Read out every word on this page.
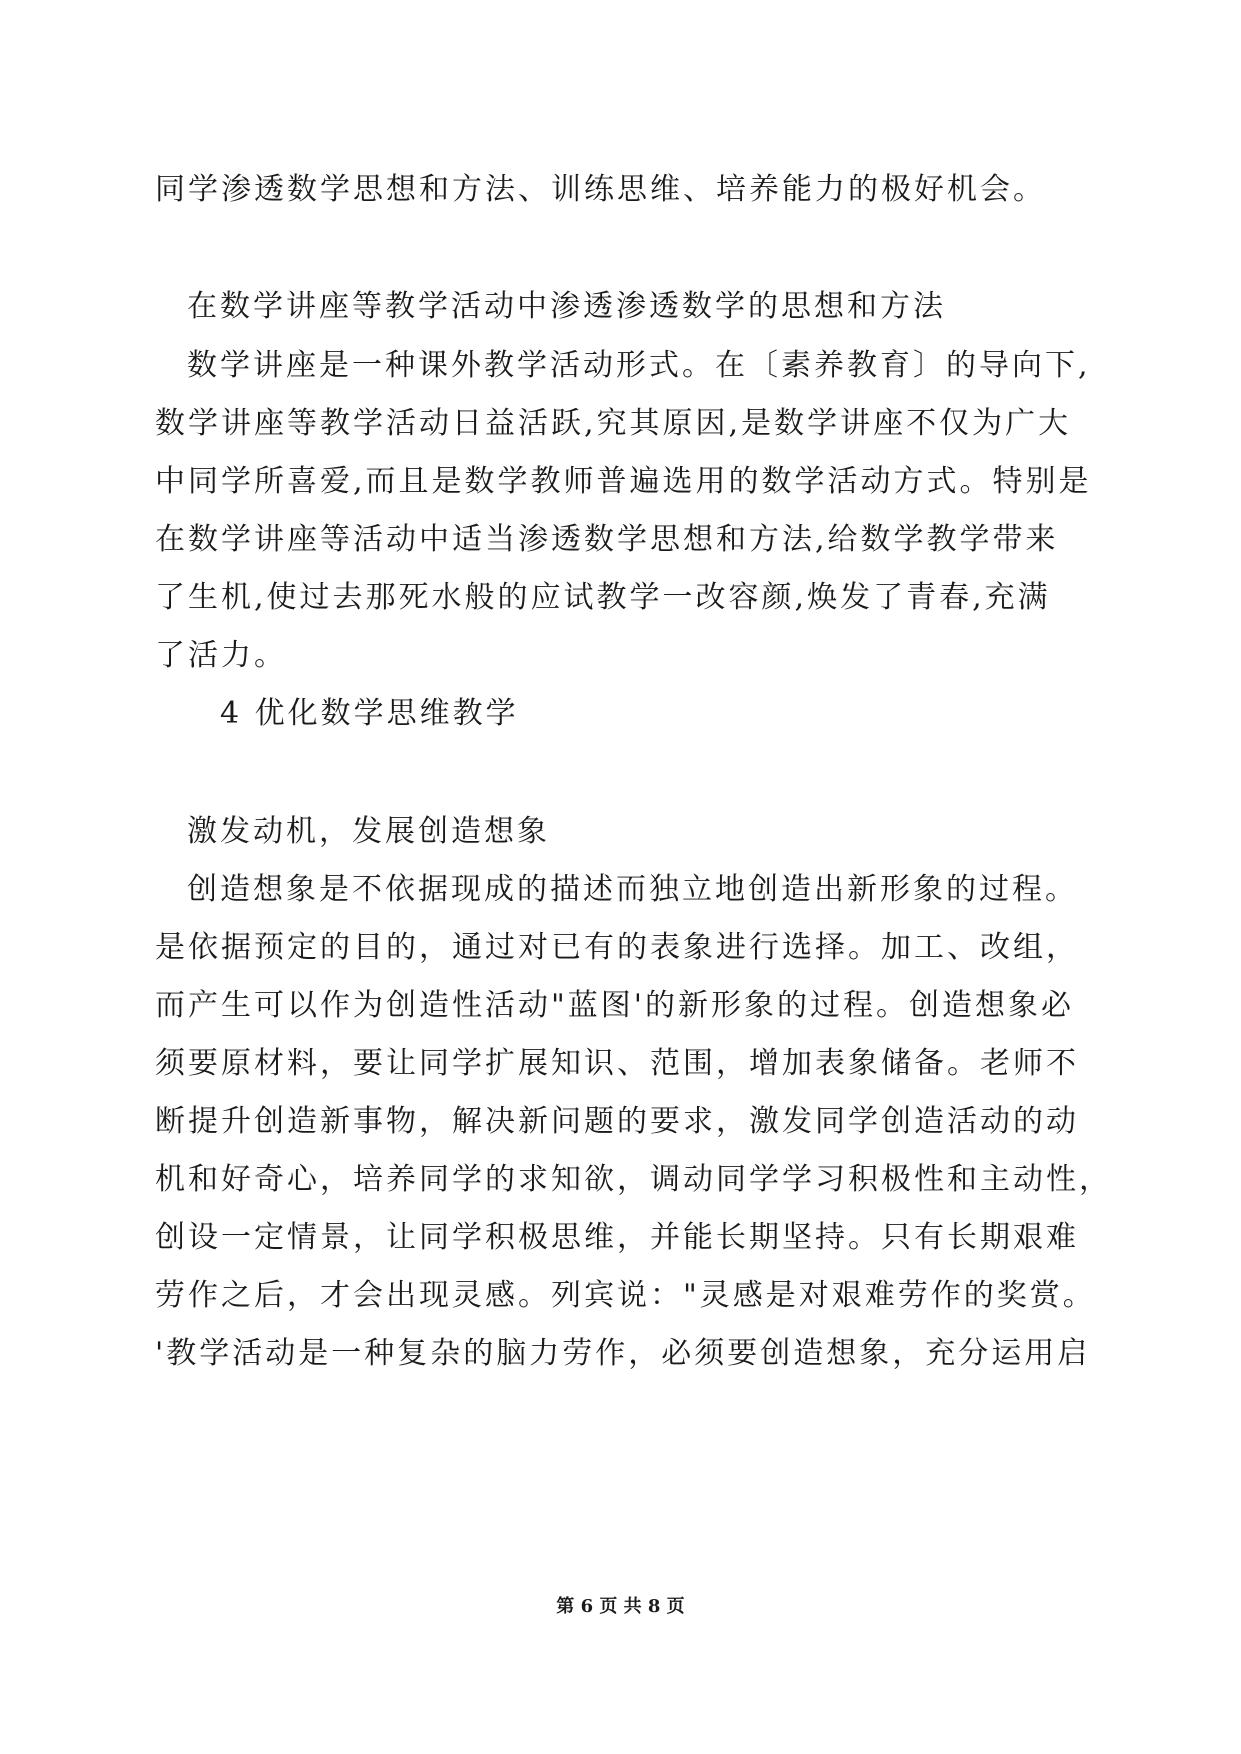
同学渗透数学思想和方法、训练思维、培养能力的极好机会。
在数学讲座等教学活动中渗透渗透数学的思想和方法
数学讲座是一种课外教学活动形式。在〔素养教育〕的导向下,
数学讲座等教学活动日益活跃,究其原因,是数学讲座不仅为广大
中同学所喜爱,而且是数学教师普遍选用的数学活动方式。特别是
在数学讲座等活动中适当渗透数学思想和方法,给数学教学带来
了生机,使过去那死水般的应试教学一改容颜,焕发了青春,充满
了活力。
4 优化数学思维教学
激发动机，发展创造想象
创造想象是不依据现成的描述而独立地创造出新形象的过程。
是依据预定的目的，通过对已有的表象进行选择。加工、改组，
而产生可以作为创造性活动"蓝图'的新形象的过程。创造想象必
须要原材料，要让同学扩展知识、范围，增加表象储备。老师不
断提升创造新事物，解决新问题的要求，激发同学创造活动的动
机和好奇心，培养同学的求知欲，调动同学学习积极性和主动性，
创设一定情景，让同学积极思维，并能长期坚持。只有长期艰难
劳作之后，才会出现灵感。列宾说："灵感是对艰难劳作的奖赏。
'教学活动是一种复杂的脑力劳作，必须要创造想象，充分运用启
第 6 页 共 8 页
